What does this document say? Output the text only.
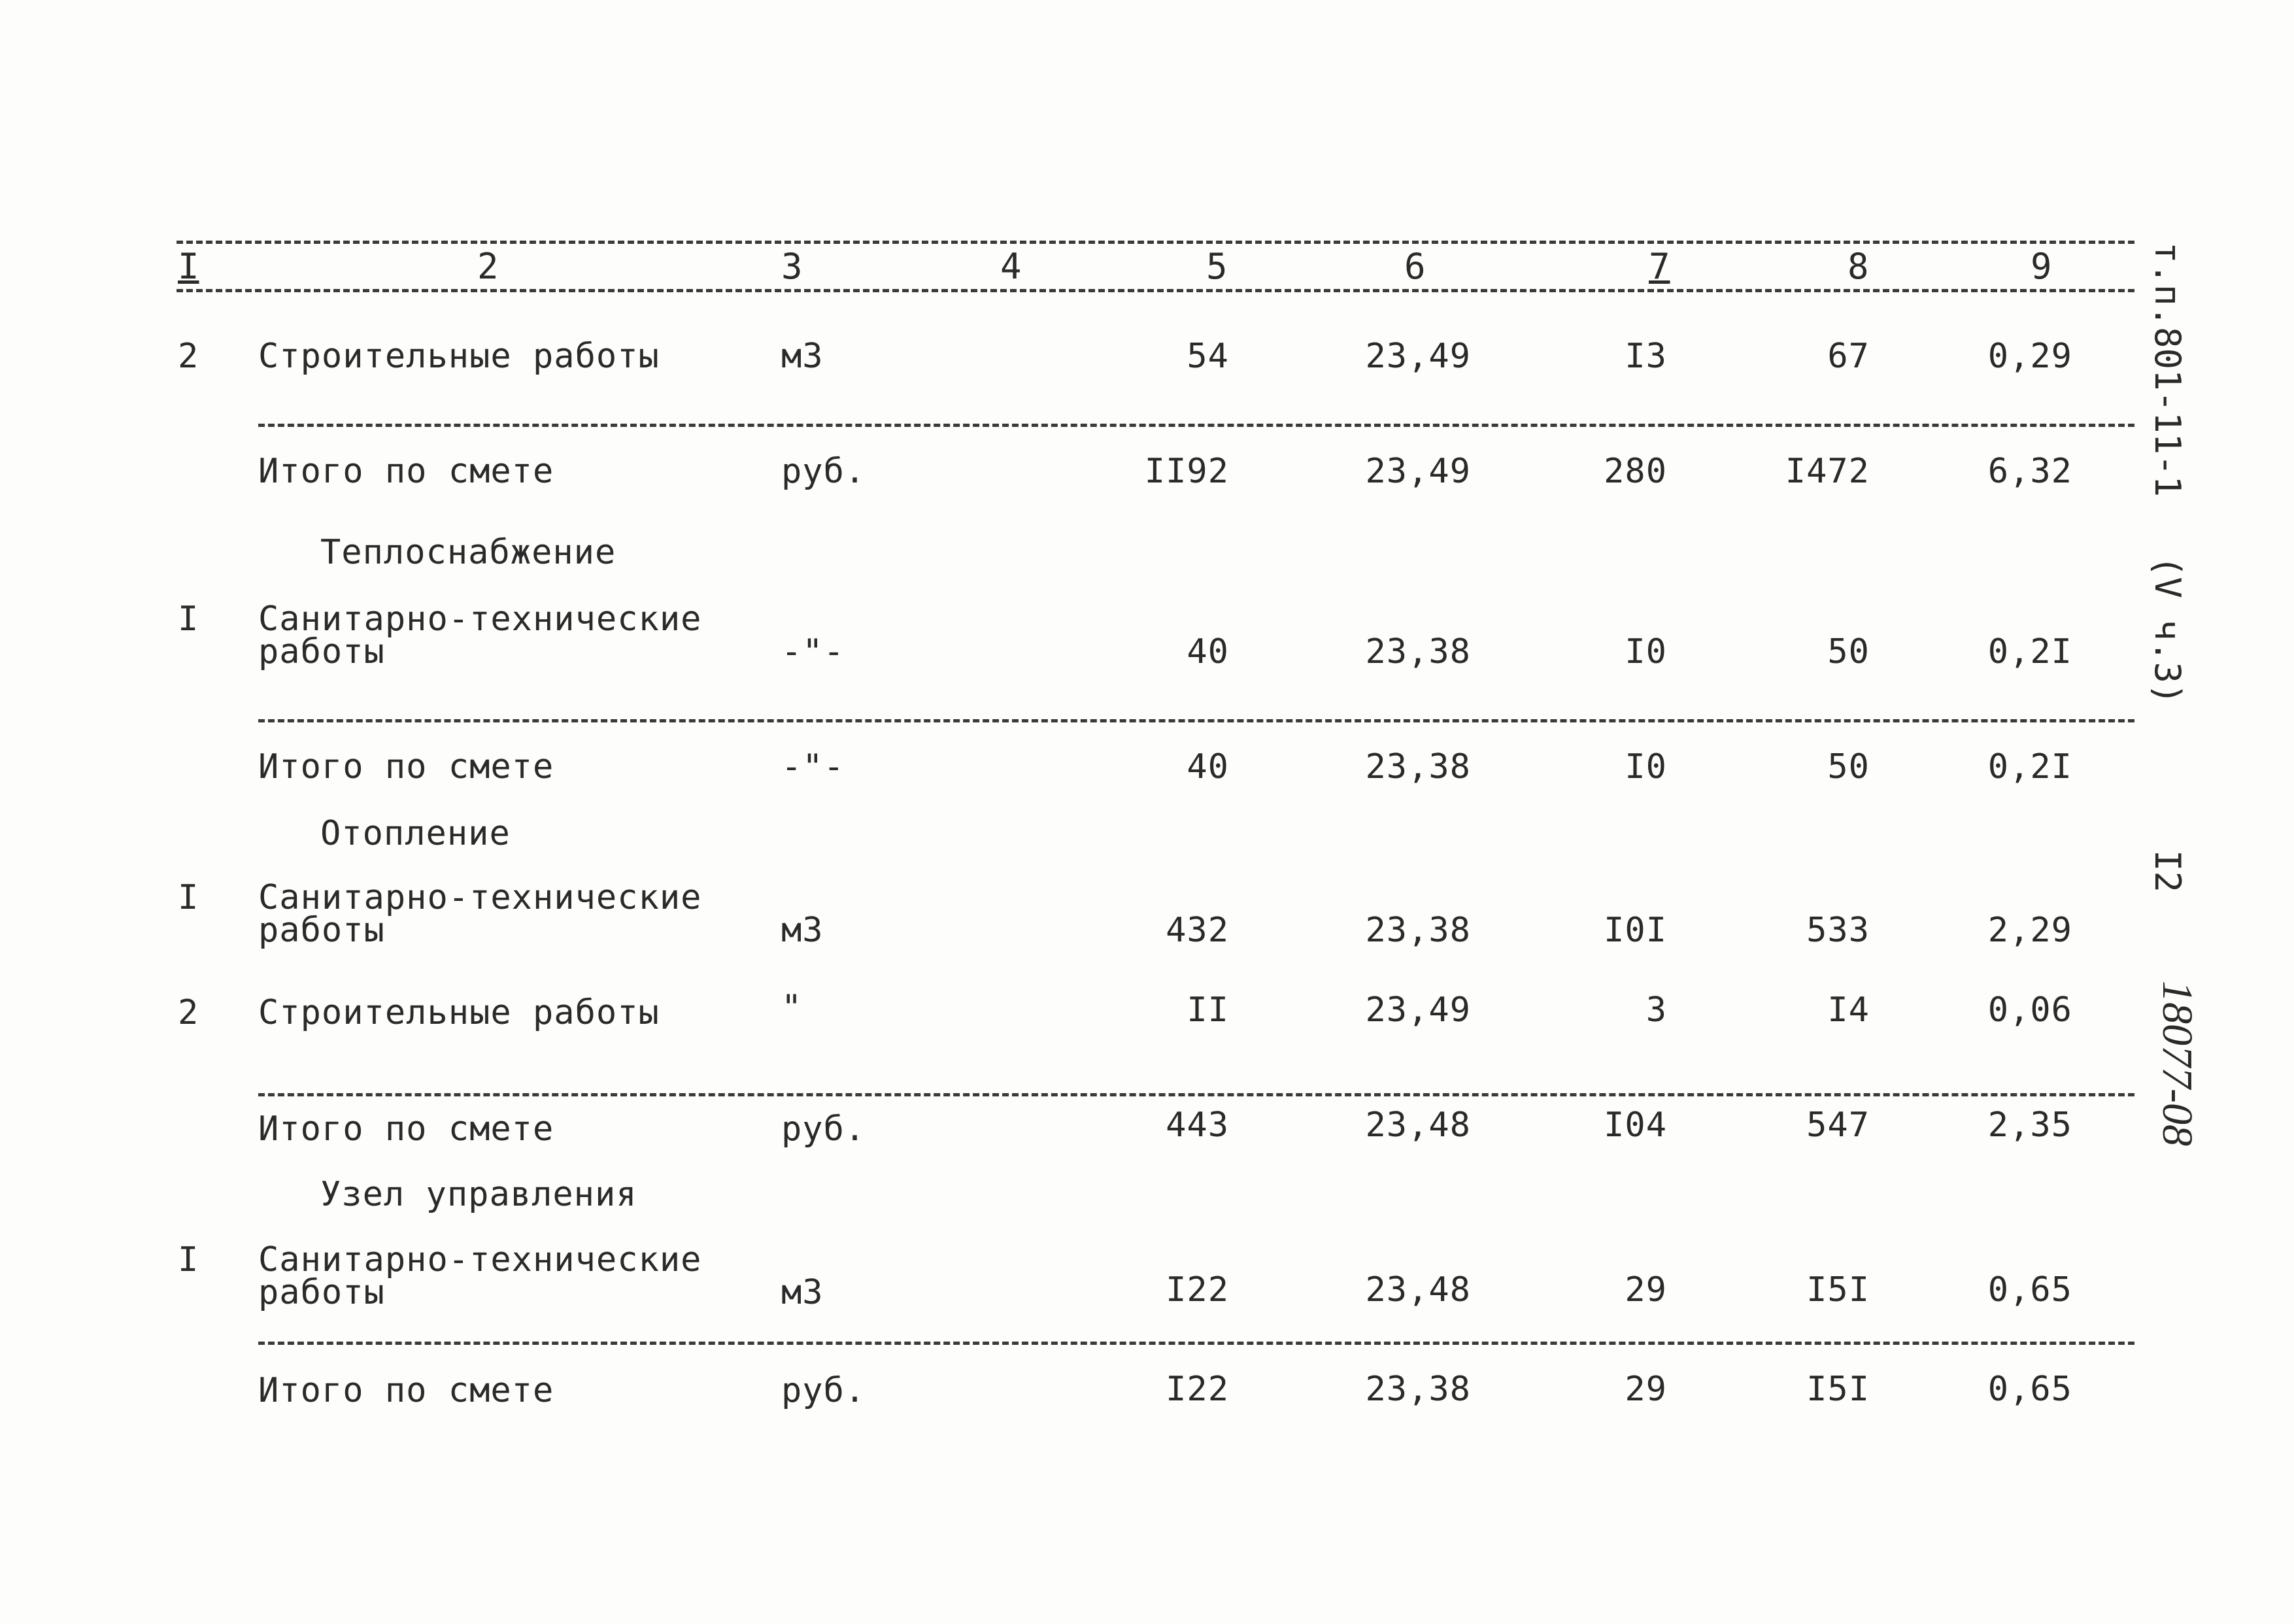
I	2	3	4	5	6	7	8	9
2 Строительные работы	м3	54	23,49	I3	67	0,29
Итого по смете	руб.	II92	23,49	280	I472	6,32
Теплоснабжение
I Санитарно-технические
работы	-"-	40	23,38	I0	50	0,2I
Итого по смете	-"-	40	23,38	I0	50	0,2I
Отопление
I Санитарно-технические
работы	м3	432	23,38	I0I	533	2,29
2 Строительные работы	"	II	23,49	3	I4	0,06
Итого по смете	руб.	443	23,48	I04	547	2,35
Узел управления
I Санитарно-технические
работы	м3	I22	23,48	29	I5I	0,65
Итого по смете	руб.	I22	23,38	29	I5I	0,65
т.п.801-11-1
(V ч.3)
I2
18077-08
